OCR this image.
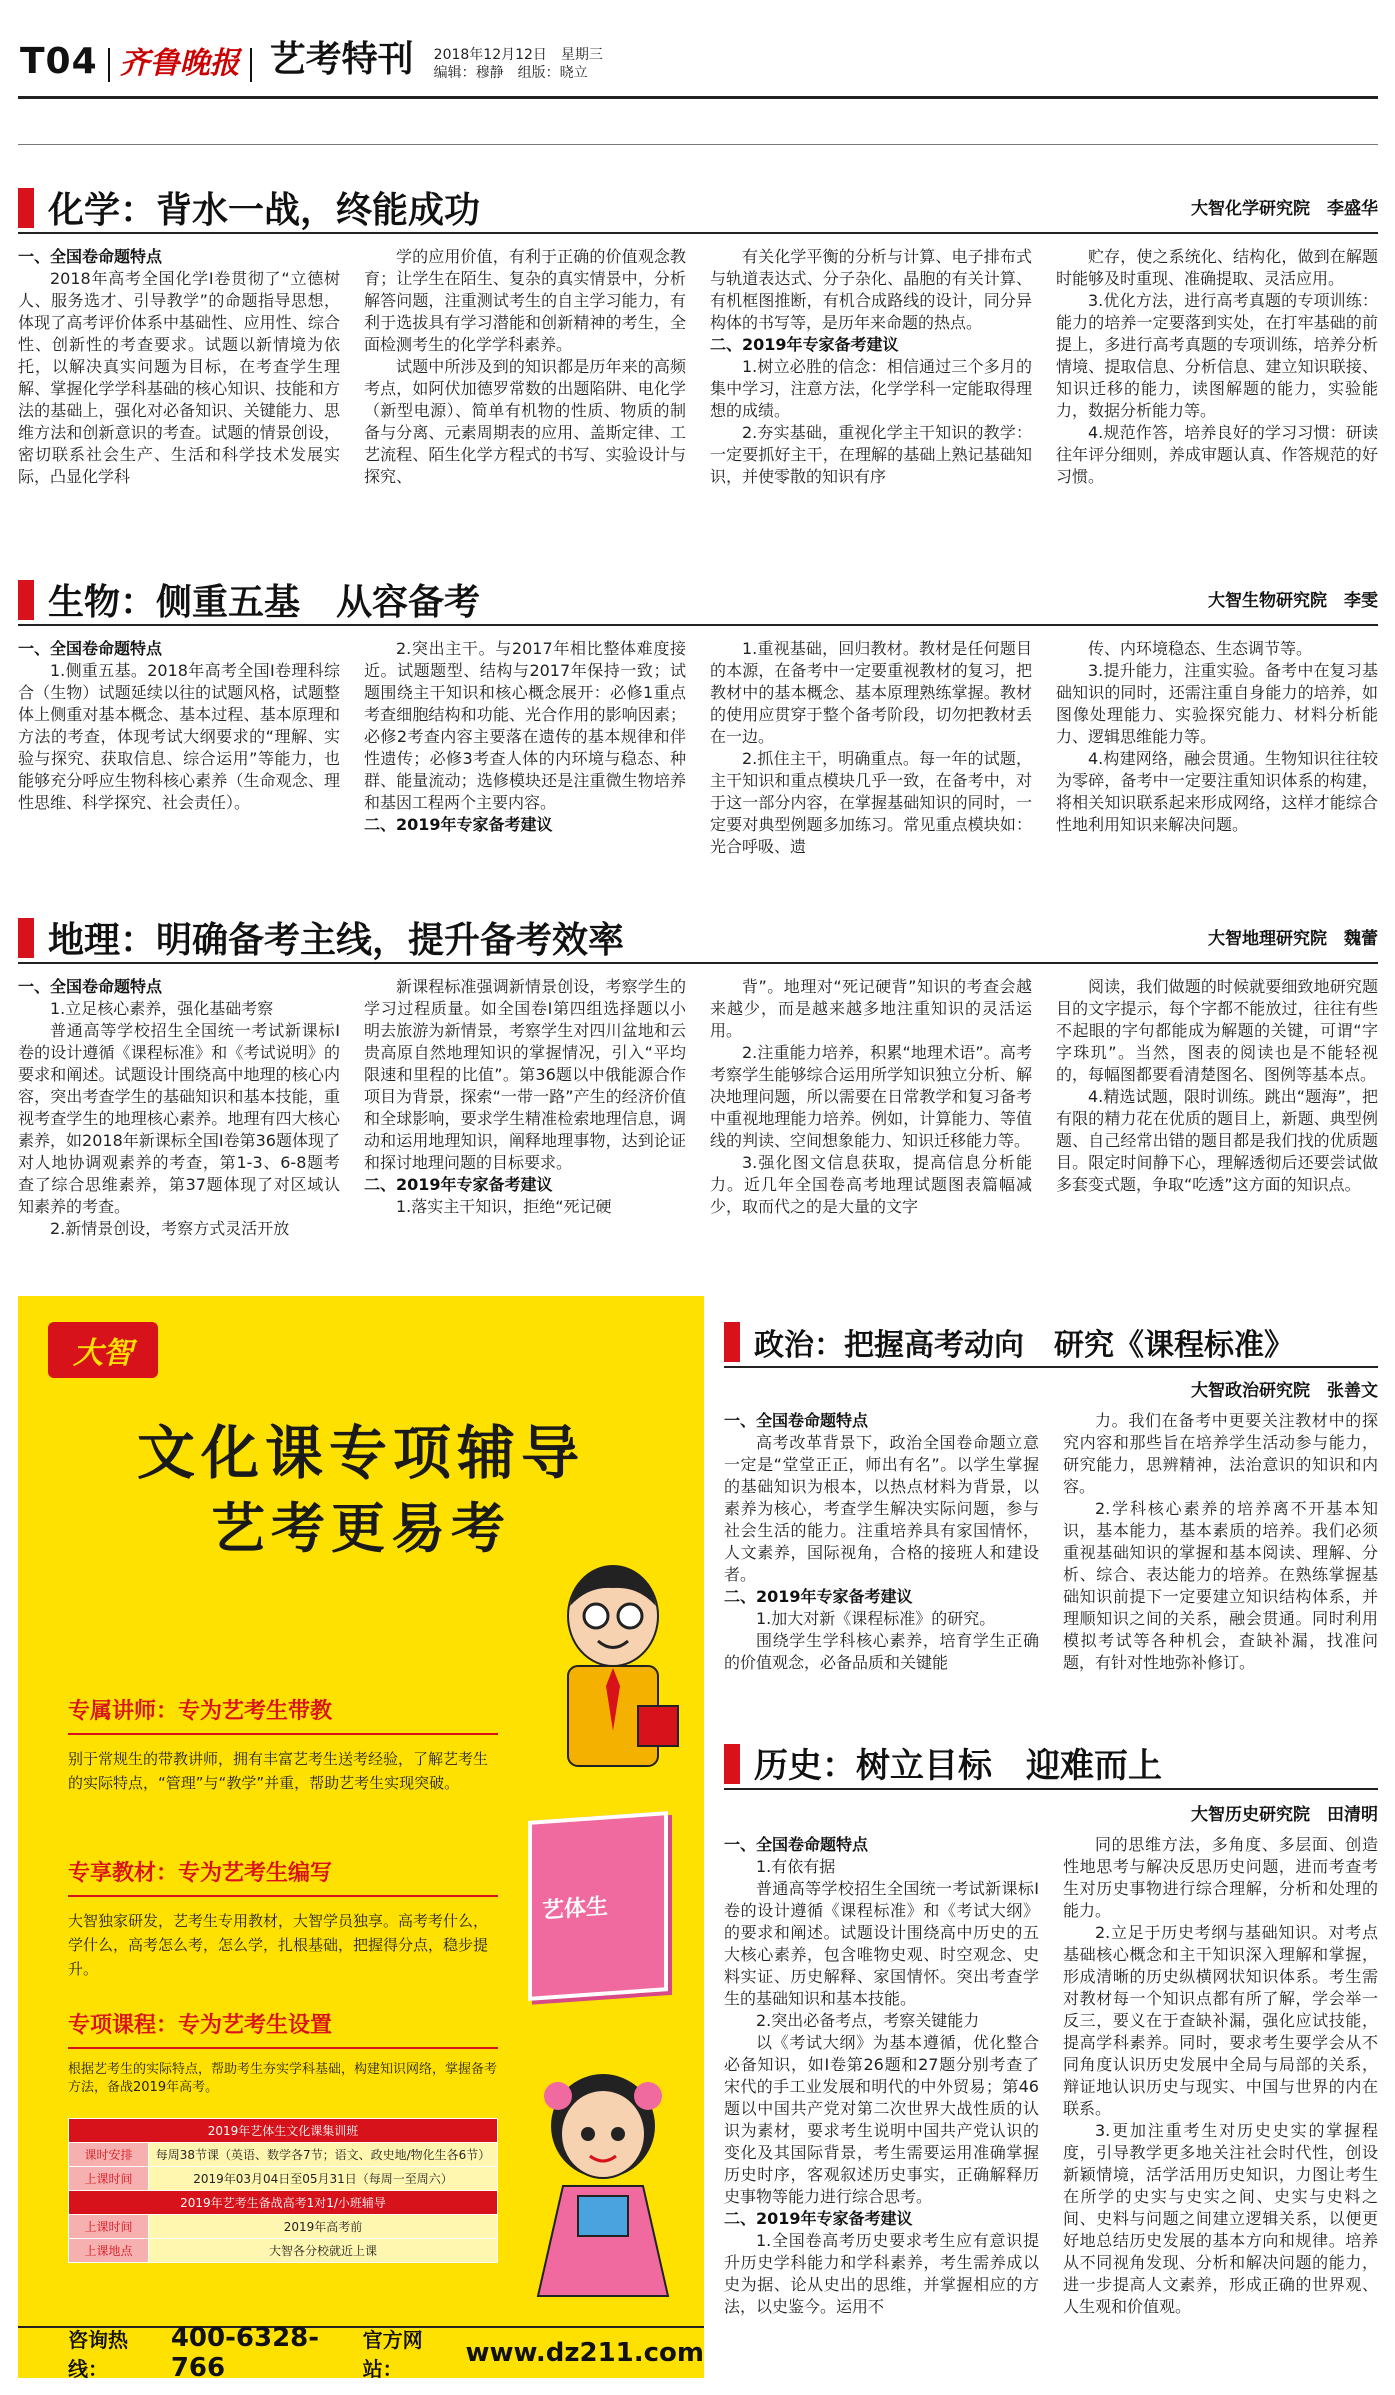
T04 齐鲁晚报 艺考特刊 2018年12月12日　星期三
编辑：穆静　组版：晓立
化学：背水一战，终能成功	大智化学研究院　李盛华

一、全国卷命题特点

2018年高考全国化学I卷贯彻了“立德树人、服务选才、引导教学”的命题指导思想，体现了高考评价体系中基础性、应用性、综合性、创新性的考查要求。试题以新情境为依托，以解决真实问题为目标，在考查学生理解、掌握化学学科基础的核心知识、技能和方法的基础上，强化对必备知识、关键能力、思维方法和创新意识的考查。试题的情景创设，密切联系社会生产、生活和科学技术发展实际，凸显化学科

学的应用价值，有利于正确的价值观念教育；让学生在陌生、复杂的真实情景中，分析解答问题，注重测试考生的自主学习能力，有利于选拔具有学习潜能和创新精神的考生，全面检测考生的化学学科素养。

试题中所涉及到的知识都是历年来的高频考点，如阿伏加德罗常数的出题陷阱、电化学（新型电源）、简单有机物的性质、物质的制备与分离、元素周期表的应用、盖斯定律、工艺流程、陌生化学方程式的书写、实验设计与探究、

有关化学平衡的分析与计算、电子排布式与轨道表达式、分子杂化、晶胞的有关计算、有机框图推断，有机合成路线的设计，同分异构体的书写等，是历年来命题的热点。

二、2019年专家备考建议

1.树立必胜的信念：相信通过三个多月的集中学习，注意方法，化学学科一定能取得理想的成绩。

2.夯实基础，重视化学主干知识的教学：一定要抓好主干，在理解的基础上熟记基础知识，并使零散的知识有序

贮存，使之系统化、结构化，做到在解题时能够及时重现、准确提取、灵活应用。

3.优化方法，进行高考真题的专项训练：能力的培养一定要落到实处，在打牢基础的前提上，多进行高考真题的专项训练，培养分析情境、提取信息、分析信息、建立知识联接、知识迁移的能力，读图解题的能力，实验能力，数据分析能力等。

4.规范作答，培养良好的学习习惯：研读往年评分细则，养成审题认真、作答规范的好习惯。

生物：侧重五基　从容备考	大智生物研究院　李雯

一、全国卷命题特点

1.侧重五基。2018年高考全国I卷理科综合（生物）试题延续以往的试题风格，试题整体上侧重对基本概念、基本过程、基本原理和方法的考查，体现考试大纲要求的“理解、实验与探究、获取信息、综合运用”等能力，也能够充分呼应生物科核心素养（生命观念、理性思维、科学探究、社会责任）。

2.突出主干。与2017年相比整体难度接近。试题题型、结构与2017年保持一致；试题围绕主干知识和核心概念展开：必修1重点考查细胞结构和功能、光合作用的影响因素；必修2考查内容主要落在遗传的基本规律和伴性遗传；必修3考查人体的内环境与稳态、种群、能量流动；选修模块还是注重微生物培养和基因工程两个主要内容。

二、2019年专家备考建议

1.重视基础，回归教材。教材是任何题目的本源，在备考中一定要重视教材的复习，把教材中的基本概念、基本原理熟练掌握。教材的使用应贯穿于整个备考阶段，切勿把教材丢在一边。

2.抓住主干，明确重点。每一年的试题，主干知识和重点模块几乎一致，在备考中，对于这一部分内容，在掌握基础知识的同时，一定要对典型例题多加练习。常见重点模块如：光合呼吸、遗

传、内环境稳态、生态调节等。

3.提升能力，注重实验。备考中在复习基础知识的同时，还需注重自身能力的培养，如图像处理能力、实验探究能力、材料分析能力、逻辑思维能力等。

4.构建网络，融会贯通。生物知识往往较为零碎，备考中一定要注重知识体系的构建，将相关知识联系起来形成网络，这样才能综合性地利用知识来解决问题。

地理：明确备考主线，提升备考效率	大智地理研究院　魏蕾

一、全国卷命题特点

1.立足核心素养，强化基础考察

普通高等学校招生全国统一考试新课标I卷的设计遵循《课程标准》和《考试说明》的要求和阐述。试题设计围绕高中地理的核心内容，突出考查学生的基础知识和基本技能，重视考查学生的地理核心素养。地理有四大核心素养，如2018年新课标全国I卷第36题体现了对人地协调观素养的考查，第1-3、6-8题考查了综合思维素养，第37题体现了对区域认知素养的考查。

2.新情景创设，考察方式灵活开放

新课程标准强调新情景创设，考察学生的学习过程质量。如全国卷I第四组选择题以小明去旅游为新情景，考察学生对四川盆地和云贵高原自然地理知识的掌握情况，引入“平均限速和里程的比值”。第36题以中俄能源合作项目为背景，探索“一带一路”产生的经济价值和全球影响，要求学生精准检索地理信息，调动和运用地理知识，阐释地理事物，达到论证和探讨地理问题的目标要求。

二、2019年专家备考建议

1.落实主干知识，拒绝“死记硬

背”。地理对“死记硬背”知识的考查会越来越少，而是越来越多地注重知识的灵活运用。

2.注重能力培养，积累“地理术语”。高考考察学生能够综合运用所学知识独立分析、解决地理问题，所以需要在日常教学和复习备考中重视地理能力培养。例如，计算能力、等值线的判读、空间想象能力、知识迁移能力等。

3.强化图文信息获取，提高信息分析能力。近几年全国卷高考地理试题图表篇幅减少，取而代之的是大量的文字

阅读，我们做题的时候就要细致地研究题目的文字提示，每个字都不能放过，往往有些不起眼的字句都能成为解题的关键，可谓“字字珠玑”。当然，图表的阅读也是不能轻视的，每幅图都要看清楚图名、图例等基本点。

4.精选试题，限时训练。跳出“题海”，把有限的精力花在优质的题目上，新题、典型例题、自己经常出错的题目都是我们找的优质题目。限定时间静下心，理解透彻后还要尝试做多套变式题，争取“吃透”这方面的知识点。

大智
文化课专项辅导
艺考更易考
专属讲师：专为艺考生带教
别于常规生的带教讲师，拥有丰富艺考生送考经验，了解艺考生的实际特点，“管理”与“教学”并重，帮助艺考生实现突破。
专享教材：专为艺考生编写
大智独家研发，艺考生专用教材，大智学员独享。高考考什么，学什么，高考怎么考，怎么学，扎根基础，把握得分点，稳步提升。
艺体生
专项课程：专为艺考生设置
根据艺考生的实际特点，帮助考生夯实学科基础，构建知识网络，掌握备考方法，备战2019年高考。
2019年艺体生文化课集训班	
课时安排	每周38节课（英语、数学各7节；语文、政史地/物化生各6节）
上课时间	2019年03月04日至05月31日（每周一至周六）
2019年艺考生备战高考1对1/小班辅导	
上课时间	2019年高考前
上课地点	大智各分校就近上课
咨询热线：
400-6328-766
官方网站：
www.dz211.com
政治：把握高考动向　研究《课程标准》
大智政治研究院　张善文

一、全国卷命题特点

高考改革背景下，政治全国卷命题立意一定是“堂堂正正，师出有名”。以学生掌握的基础知识为根本，以热点材料为背景，以素养为核心，考查学生解决实际问题，参与社会生活的能力。注重培养具有家国情怀，人文素养，国际视角，合格的接班人和建设者。

二、2019年专家备考建议

1.加大对新《课程标准》的研究。

围绕学生学科核心素养，培育学生正确的价值观念，必备品质和关键能

力。我们在备考中更要关注教材中的探究内容和那些旨在培养学生活动参与能力，研究能力，思辨精神，法治意识的知识和内容。

2.学科核心素养的培养离不开基本知识，基本能力，基本素质的培养。我们必须重视基础知识的掌握和基本阅读、理解、分析、综合、表达能力的培养。在熟练掌握基础知识前提下一定要建立知识结构体系，并理顺知识之间的关系，融会贯通。同时利用模拟考试等各种机会，查缺补漏，找准问题，有针对性地弥补修订。

历史：树立目标　迎难而上
大智历史研究院　田清明

一、全国卷命题特点

1.有依有据

普通高等学校招生全国统一考试新课标I卷的设计遵循《课程标准》和《考试大纲》的要求和阐述。试题设计围绕高中历史的五大核心素养，包含唯物史观、时空观念、史料实证、历史解释、家国情怀。突出考查学生的基础知识和基本技能。

2.突出必备考点，考察关键能力

以《考试大纲》为基本遵循，优化整合必备知识，如I卷第26题和27题分别考查了宋代的手工业发展和明代的中外贸易；第46题以中国共产党对第二次世界大战性质的认识为素材，要求考生说明中国共产党认识的变化及其国际背景，考生需要运用准确掌握历史时序，客观叙述历史事实，正确解释历史事物等能力进行综合思考。

二、2019年专家备考建议

1.全国卷高考历史要求考生应有意识提升历史学科能力和学科素养，考生需养成以史为据、论从史出的思维，并掌握相应的方法，以史鉴今。运用不

同的思维方法，多角度、多层面、创造性地思考与解决反思历史问题，进而考查考生对历史事物进行综合理解，分析和处理的能力。

2.立足于历史考纲与基础知识。对考点基础核心概念和主干知识深入理解和掌握，形成清晰的历史纵横网状知识体系。考生需对教材每一个知识点都有所了解，学会举一反三，要义在于查缺补漏，强化应试技能，提高学科素养。同时，要求考生要学会从不同角度认识历史发展中全局与局部的关系，辩证地认识历史与现实、中国与世界的内在联系。

3.更加注重考生对历史史实的掌握程度，引导教学更多地关注社会时代性，创设新颖情境，活学活用历史知识，力图让考生在所学的史实与史实之间、史实与史料之间、史料与问题之间建立逻辑关系，以便更好地总结历史发展的基本方向和规律。培养从不同视角发现、分析和解决问题的能力，进一步提高人文素养，形成正确的世界观、人生观和价值观。
